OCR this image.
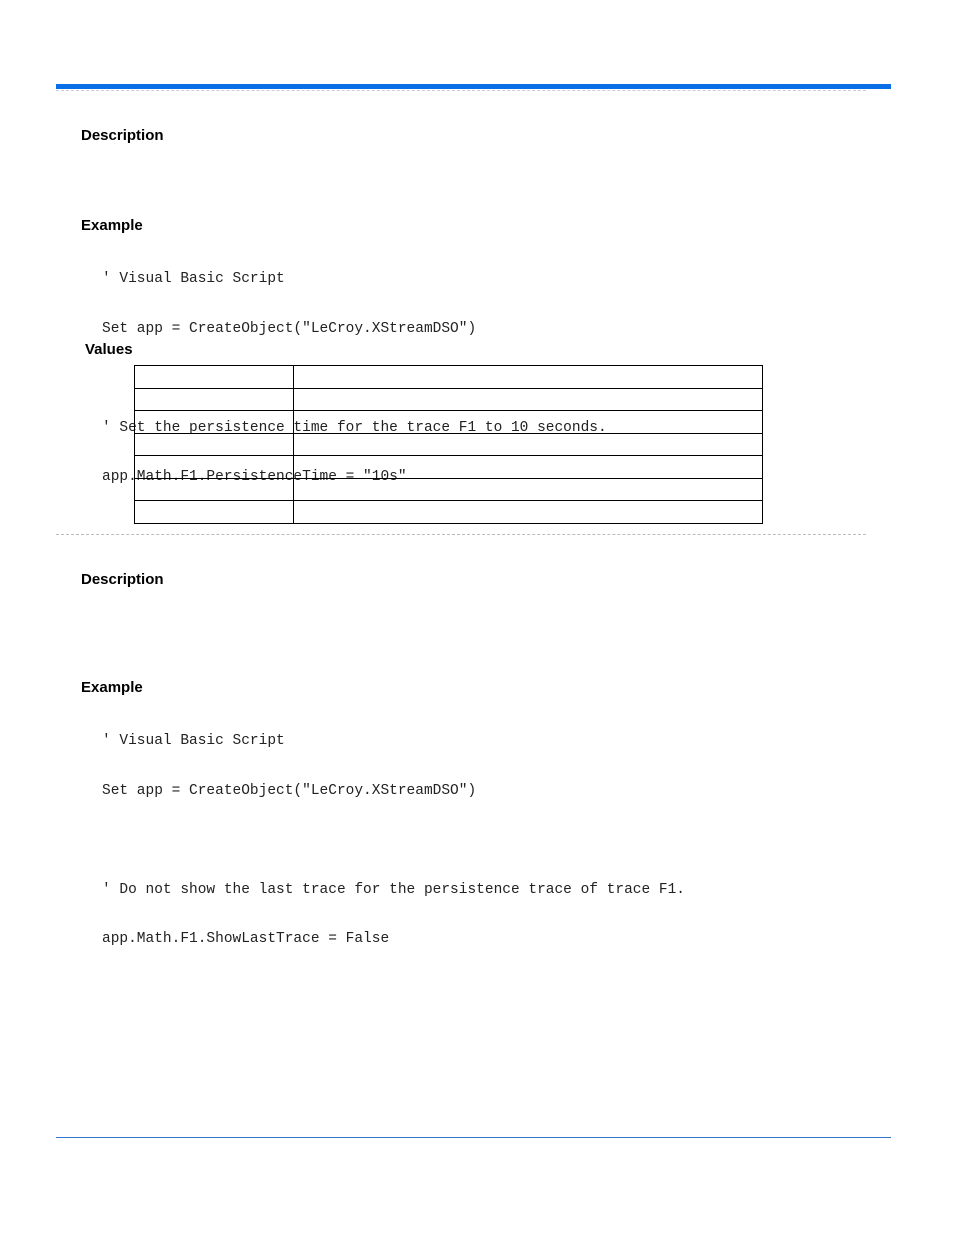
Description
Example

' Visual Basic Script

Set app = CreateObject("LeCroy.XStreamDSO")

' Set the persistence time for the trace F1 to 10 seconds.

app.Math.F1.PersistenceTime = "10s"

Values

Description
Example

' Visual Basic Script

Set app = CreateObject("LeCroy.XStreamDSO")

' Do not show the last trace for the persistence trace of trace F1.

app.Math.F1.ShowLastTrace = False
